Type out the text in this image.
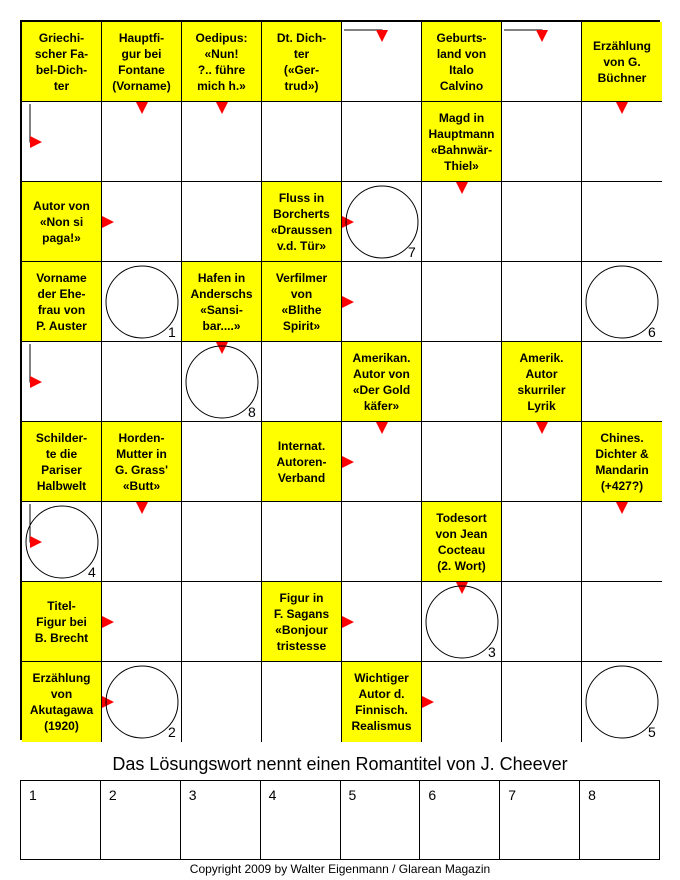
Griechi-
scher Fa-
bel-Dich-
ter
Hauptfi-
gur bei
Fontane
(Vorname)
Oedipus:
«Nun!
?.. führe
mich h.»
Dt. Dich-
ter
(«Ger-
trud»)
Geburts-
land von
Italo
Calvino
Erzählung
von G.
Büchner
Magd in
Hauptmann
«Bahnwär-
Thiel»
Autor von
«Non si
paga!»
Fluss in
Borcherts
«Draussen
v.d. Tür»
Vorname
der Ehe-
frau von
P. Auster
Hafen in
Anderschs
«Sansi-
bar....»
Verfilmer
von
«Blithe
Spirit»
Amerikan.
Autor von
«Der Gold
käfer»
Amerik.
Autor
skurriler
Lyrik
Schilder-
te die
Pariser
Halbwelt
Horden-
Mutter in
G. Grass'
«Butt»
Internat.
Autoren-
Verband
Chines.
Dichter &
Mandarin
(+427?)
Todesort
von Jean
Cocteau
(2. Wort)
Titel-
Figur bei
B. Brecht
Figur in
F. Sagans
«Bonjour
tristesse
Erzählung
von
Akutagawa
(1920)
Wichtiger
Autor d.
Finnisch.
Realismus
7
1	6
8
4
3
2	5
Das Lösungswort nennt einen Romantitel von J. Cheever
1	2	3	4	5	6	7	8
Copyright 2009 by Walter Eigenmann / Glarean Magazin
